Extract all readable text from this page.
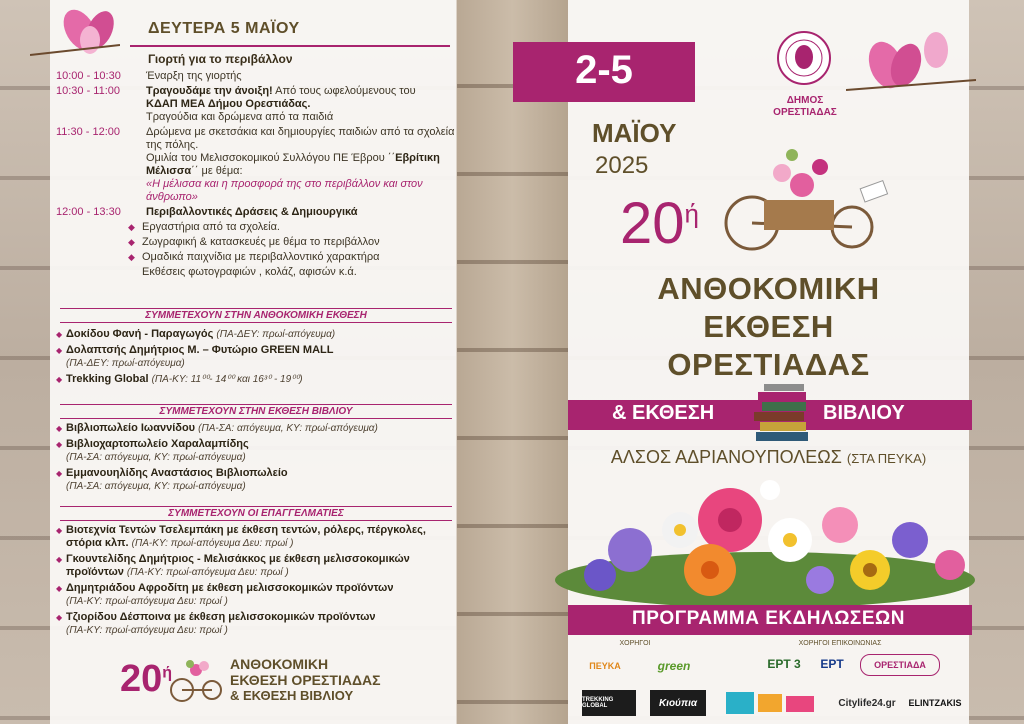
ΔΕΥΤΕΡΑ 5 ΜΑΪΟΥ
Γιορτή για το περιβάλλον
10:00 - 10:30	Έναρξη της γιορτής
10:30 - 11:00	Τραγουδάμε την άνοιξη! Από τους ωφελούμενους του
ΚΔΑΠ ΜΕΑ Δήμου Ορεστιάδας.
Τραγούδια και δρώμενα από τα παιδιά
11:30 - 12:00	Δρώμενα με σκετσάκια και δημιουργίες παιδιών από τα σχολεία της πόλης.
Ομιλία του Μελισσοκομικού Συλλόγου ΠΕ Έβρου ΄΄Εβρίτικη Μέλισσα΄΄ με θέμα:
«Η μέλισσα και η προσφορά της στο περιβάλλον και στον άνθρωπο»
12:00 - 13:30	Περιβαλλοντικές Δράσεις & Δημιουργικά
◆ Εργαστήρια από τα σχολεία.
◆ Ζωγραφική & κατασκευές με θέμα το περιβάλλον
◆ Ομαδικά παιχνίδια με περιβαλλοντικό χαρακτήρα
Εκθέσεις φωτογραφιών , κολάζ, αφισών κ.ά.
ΣΥΜΜΕΤΕΧΟΥΝ ΣΤΗΝ ΑΝΘΟΚΟΜΙΚΗ ΕΚΘΕΣΗ
◆ Δοκίδου Φανή - Παραγωγός (ΠΑ-ΔΕΥ: πρωί-απόγευμα)
◆ Δολαπτσής Δημήτριος Μ. – Φυτώριο GREEN MALL
(ΠΑ-ΔΕΥ: πρωί-απόγευμα)
◆ Trekking Global (ΠΑ-ΚΥ: 11⁰⁰- 14⁰⁰ και 16³⁰ - 19⁰⁰)
ΣΥΜΜΕΤΕΧΟΥΝ ΣΤΗΝ ΕΚΘΕΣΗ ΒΙΒΛΙΟΥ
◆ Βιβλιοπωλείο Ιωαννίδου (ΠΑ-ΣΑ: απόγευμα, ΚΥ: πρωί-απόγευμα)
◆ Βιβλιοχαρτοπωλείο Χαραλαμπίδης
(ΠΑ-ΣΑ: απόγευμα, ΚΥ: πρωί-απόγευμα)
◆ Εμμανουηλίδης Αναστάσιος Βιβλιοπωλείο
(ΠΑ-ΣΑ: απόγευμα, ΚΥ: πρωί-απόγευμα)
ΣΥΜΜΕΤΕΧΟΥΝ ΟΙ ΕΠΑΓΓΕΛΜΑΤΙΕΣ
◆ Βιοτεχνία Τεντών Τσελεμπάκη με έκθεση τεντών, ρόλερς, πέργκολες, στόρια κλπ. (ΠΑ-ΚΥ: πρωί-απόγευμα Δευ: πρωί )
◆ Γκουντελίδης Δημήτριος - Μελισάκκος με έκθεση μελισσοκομικών προϊόντων (ΠΑ-ΚΥ: πρωί-απόγευμα Δευ: πρωί )
◆ Δημητριάδου Αφροδίτη με έκθεση μελισσοκομικών προϊόντων
(ΠΑ-ΚΥ: πρωί-απόγευμα Δευ: πρωί )
◆ Τζιορίδου Δέσποινα με έκθεση μελισσοκομικών προϊόντων
(ΠΑ-ΚΥ: πρωί-απόγευμα Δευ: πρωί )
$20^ή$
ΑΝΘΟΚΟΜΙΚΗ
ΕΚΘΕΣΗ ΟΡΕΣΤΙΑΔΑΣ
& ΕΚΘΕΣΗ ΒΙΒΛΙΟΥ
2-5
ΜΑΪΟΥ
2025
$20^ή$
ΔΗΜΟΣ ΟΡΕΣΤΙΑΔΑΣ
ΑΝΘΟΚΟΜΙΚΗ
ΕΚΘΕΣΗ
ΟΡΕΣΤΙΑΔΑΣ
& ΕΚΘΕΣΗ	ΒΙΒΛΙΟΥ
ΑΛΣΟΣ ΑΔΡΙΑΝΟΥΠΟΛΕΩΣ (ΣΤΑ ΠΕΥΚΑ)
ΠΡΟΓΡΑΜΜΑ ΕΚΔΗΛΩΣΕΩΝ
ΧΟΡΗΓΟΙ	ΧΟΡΗΓΟΙ ΕΠΙΚΟΙΝΩΝΙΑΣ
ΠΕΥΚΑ	green
TREKKING GLOBAL	Κιούπια
ΕΡΤ 3	ΕΡΤ	ΟΡΕΣΤΙΑΔΑ
Citylife24.gr	ELINTZAKIS
